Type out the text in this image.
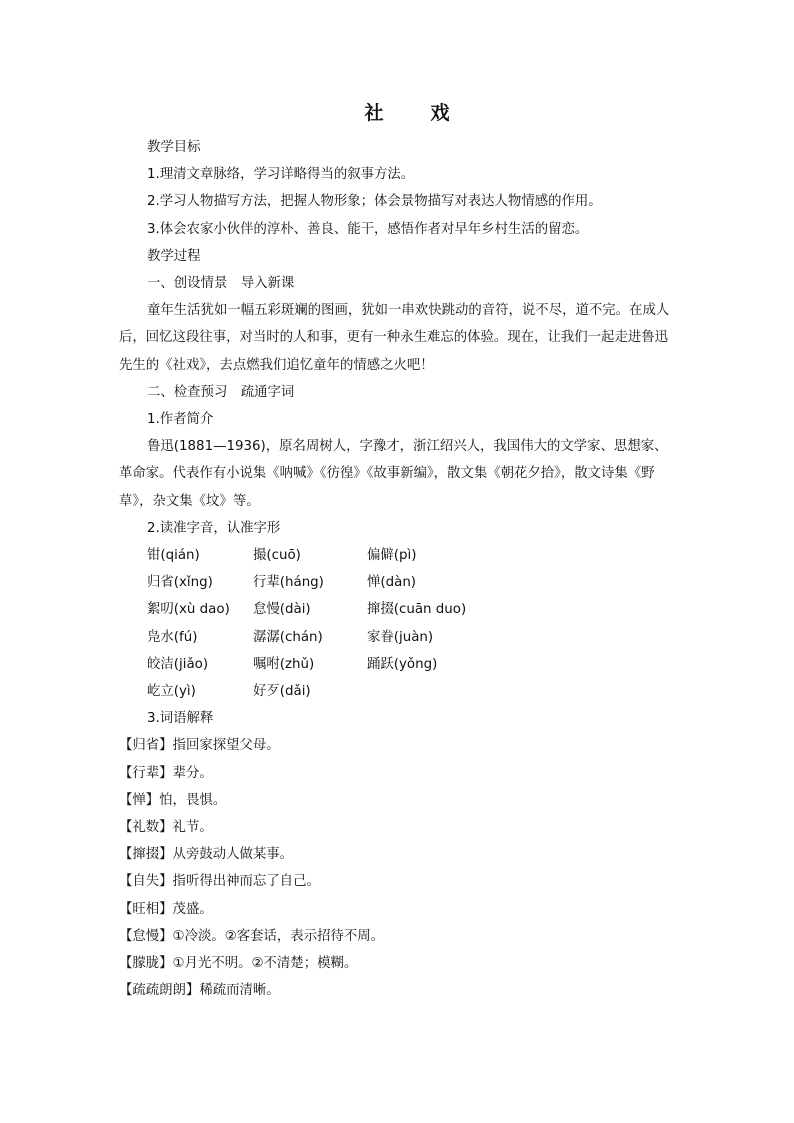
社　戏

教学目标

1.理清文章脉络，学习详略得当的叙事方法。

2.学习人物描写方法，把握人物形象；体会景物描写对表达人物情感的作用。

3.体会农家小伙伴的淳朴、善良、能干，感悟作者对早年乡村生活的留恋。

教学过程

一、创设情景　导入新课

童年生活犹如一幅五彩斑斓的图画，犹如一串欢快跳动的音符，说不尽，道不完。在成人后，回忆这段往事，对当时的人和事，更有一种永生难忘的体验。现在，让我们一起走进鲁迅先生的《社戏》，去点燃我们追忆童年的情感之火吧！

二、检查预习　疏通字词

1.作者简介

鲁迅(1881—1936)，原名周树人，字豫才，浙江绍兴人，我国伟大的文学家、思想家、革命家。代表作有小说集《呐喊》《彷徨》《故事新编》，散文集《朝花夕拾》，散文诗集《野草》，杂文集《坟》等。

2.读准字音，认准字形

钳(qián)	撮(cuō)	偏僻(pì)
归省(xǐng)	行辈(háng)	惮(dàn)
絮叨(xù dao) 怠慢(dài)	撺掇(cuān duo)
凫水(fú)	潺潺(chán)	家眷(juàn)
皎洁(jiǎo)	嘱咐(zhǔ)	踊跃(yǒng)
屹立(yì)	好歹(dǎi)

3.词语解释

【归省】指回家探望父母。

【行辈】辈分。

【惮】怕，畏惧。

【礼数】礼节。

【撺掇】从旁鼓动人做某事。

【自失】指听得出神而忘了自己。

【旺相】茂盛。

【怠慢】①冷淡。②客套话，表示招待不周。

【朦胧】①月光不明。②不清楚；模糊。

【疏疏朗朗】稀疏而清晰。
